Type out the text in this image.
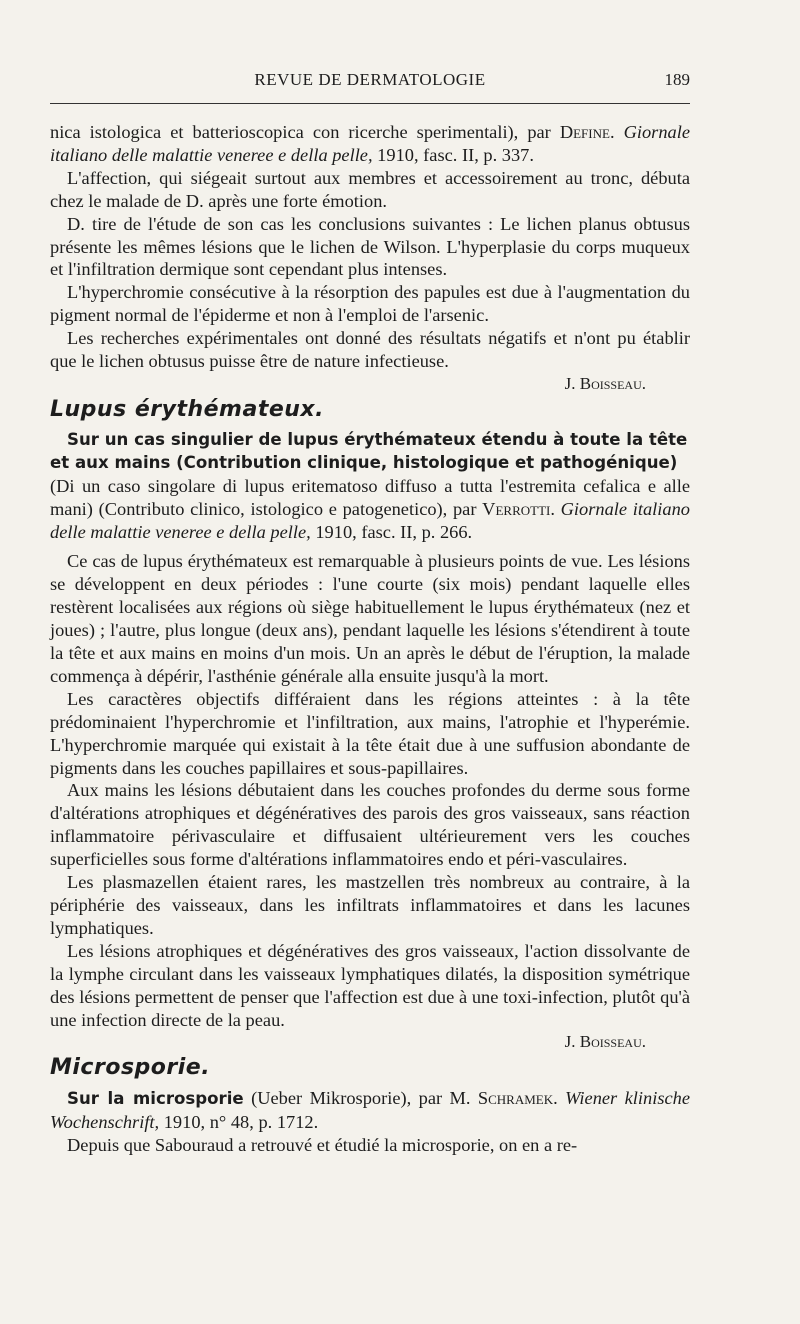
REVUE DE DERMATOLOGIE	189

nica istologica et batterioscopica con ricerche sperimentali), par Define. Giornale italiano delle malattie veneree e della pelle, 1910, fasc. II, p. 337.

L'affection, qui siégeait surtout aux membres et accessoirement au tronc, débuta chez le malade de D. après une forte émotion.

D. tire de l'étude de son cas les conclusions suivantes : Le lichen planus obtusus présente les mêmes lésions que le lichen de Wilson. L'hyperplasie du corps muqueux et l'infiltration dermique sont cependant plus intenses.

L'hyperchromie consécutive à la résorption des papules est due à l'augmentation du pigment normal de l'épiderme et non à l'emploi de l'arsenic.

Les recherches expérimentales ont donné des résultats négatifs et n'ont pu établir que le lichen obtusus puisse être de nature infectieuse.

J. Boisseau.

Lupus érythémateux.

Sur un cas singulier de lupus érythémateux étendu à toute la tête

et aux mains (Contribution clinique, histologique et pathogénique)

(Di un caso singolare di lupus eritematoso diffuso a tutta l'estremita cefalica e alle mani) (Contributo clinico, istologico e patogenetico), par Verrotti. Giornale italiano delle malattie veneree e della pelle, 1910, fasc. II, p. 266.

Ce cas de lupus érythémateux est remarquable à plusieurs points de vue. Les lésions se développent en deux périodes : l'une courte (six mois) pendant laquelle elles restèrent localisées aux régions où siège habituellement le lupus érythémateux (nez et joues) ; l'autre, plus longue (deux ans), pendant laquelle les lésions s'étendirent à toute la tête et aux mains en moins d'un mois. Un an après le début de l'éruption, la malade commença à dépérir, l'asthénie générale alla ensuite jusqu'à la mort.

Les caractères objectifs différaient dans les régions atteintes : à la tête prédominaient l'hyperchromie et l'infiltration, aux mains, l'atrophie et l'hyperémie. L'hyperchromie marquée qui existait à la tête était due à une suffusion abondante de pigments dans les couches papillaires et sous-papillaires.

Aux mains les lésions débutaient dans les couches profondes du derme sous forme d'altérations atrophiques et dégénératives des parois des gros vaisseaux, sans réaction inflammatoire périvasculaire et diffusaient ultérieurement vers les couches superficielles sous forme d'altérations inflammatoires endo et péri-vasculaires.

Les plasmazellen étaient rares, les mastzellen très nombreux au contraire, à la périphérie des vaisseaux, dans les infiltrats inflammatoires et dans les lacunes lymphatiques.

Les lésions atrophiques et dégénératives des gros vaisseaux, l'action dissolvante de la lymphe circulant dans les vaisseaux lymphatiques dilatés, la disposition symétrique des lésions permettent de penser que l'affection est due à une toxi-infection, plutôt qu'à une infection directe de la peau.

J. Boisseau.

Microsporie.

Sur la microsporie (Ueber Mikrosporie), par M. Schramek. Wiener klinische Wochenschrift, 1910, n° 48, p. 1712.

Depuis que Sabouraud a retrouvé et étudié la microsporie, on en a re-
